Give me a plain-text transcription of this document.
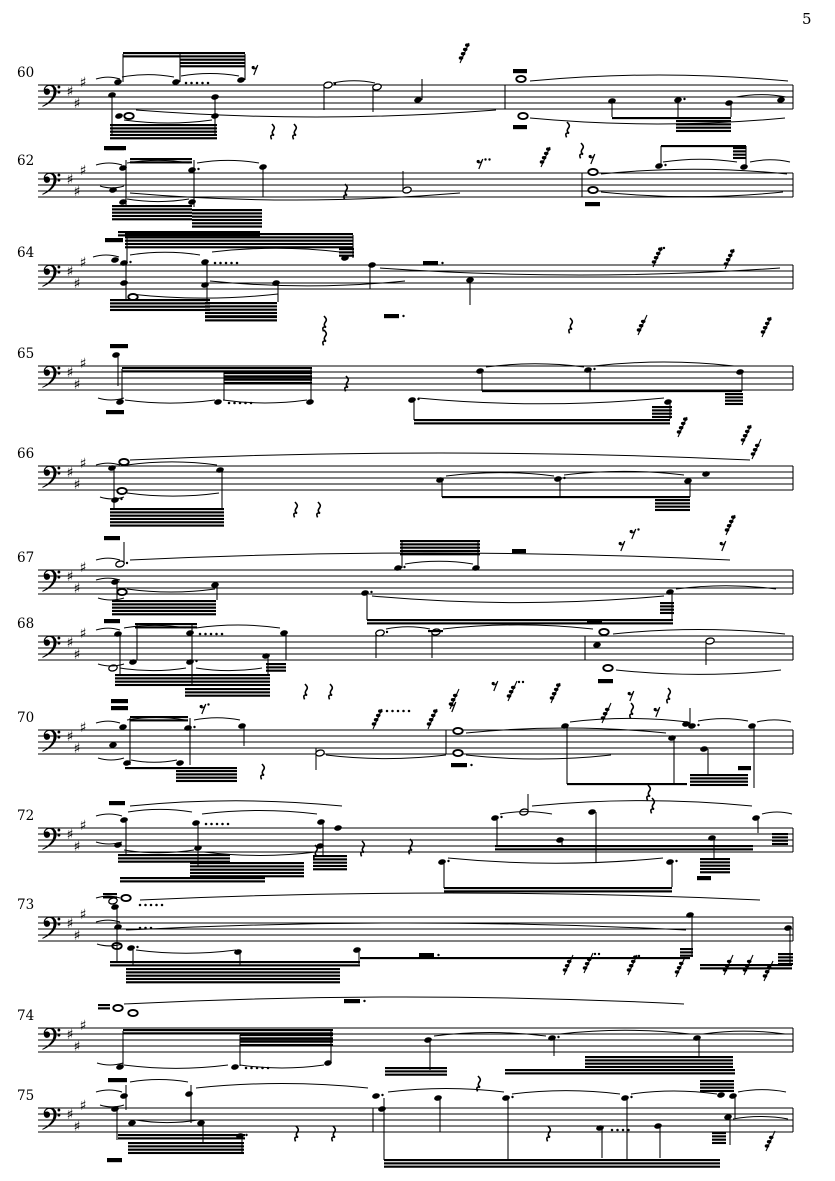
5
60
♯
♯
♯
62
♯
♯
♯
64
♯
♯
♯
65
♯
♯
♯
66
♯
♯
♯
67
♯
♯
♯
68
♯
♯
♯
70
♯
♯
♯
72
♯
♯
♯
73
♯
♯
♯
74
♯
♯
♯
75
♯
♯
♯
